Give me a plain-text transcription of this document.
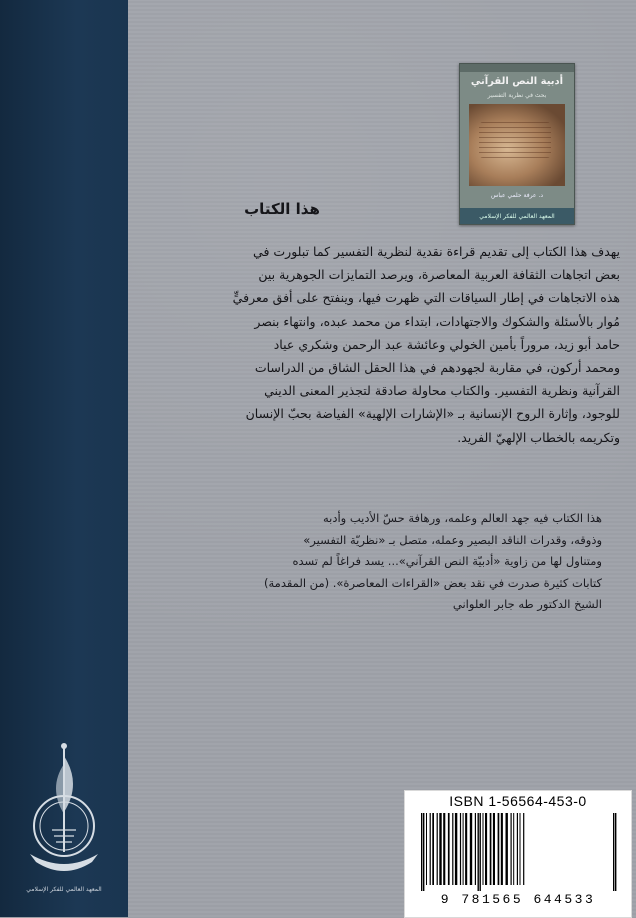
أدبية النص القرآني
بحث في نظرية التفسير
د. عرفة حلمي عباس
المعهد العالمي للفكر الإسلامي
هذا الكتاب
يهدف هذا الكتاب إلى تقديم قراءة نقدية لنظرية التفسير كما تبلورت في
بعض اتجاهات الثقافة العربية المعاصرة، ويرصد التمايزات الجوهرية بين
هذه الاتجاهات في إطار السياقات التي ظهرت فيها، وينفتح على أفق معرفيٍّ
مُوار بالأسئلة والشكوك والاجتهادات، ابتداء من محمد عبده، وانتهاء بنصر
حامد أبو زيد، مروراً بأمين الخولي وعائشة عبد الرحمن وشكري عياد
ومحمد أركون، في مقاربة لجهودهم في هذا الحقل الشاق من الدراسات
القرآنية ونظرية التفسير. والكتاب محاولة صادقة لتجذير المعنى الديني
للوجود، وإثارة الروح الإنسانية بـ «الإشارات الإلهية» الفياضة بحبّ الإنسان
وتكريمه بالخطاب الإلهيّ الفريد.
هذا الكتاب فيه جهد العالم وعلمه، ورهافة حسّ الأديب وأدبه
وذوقه، وقدرات الناقد البصير وعمله، متصل بـ «نظريّة التفسير»
ومتناول لها من زاوية «أدبيّة النص القرآني»... يسد فراغاً لم تسده
كتابات كثيرة صدرت في نقد بعض «القراءات المعاصرة». (من المقدمة)
الشيخ الدكتور طه جابر العلواني
المعهد العالمي للفكر الإسلامي
ISBN 1-56564-453-0
9 781565 644533
